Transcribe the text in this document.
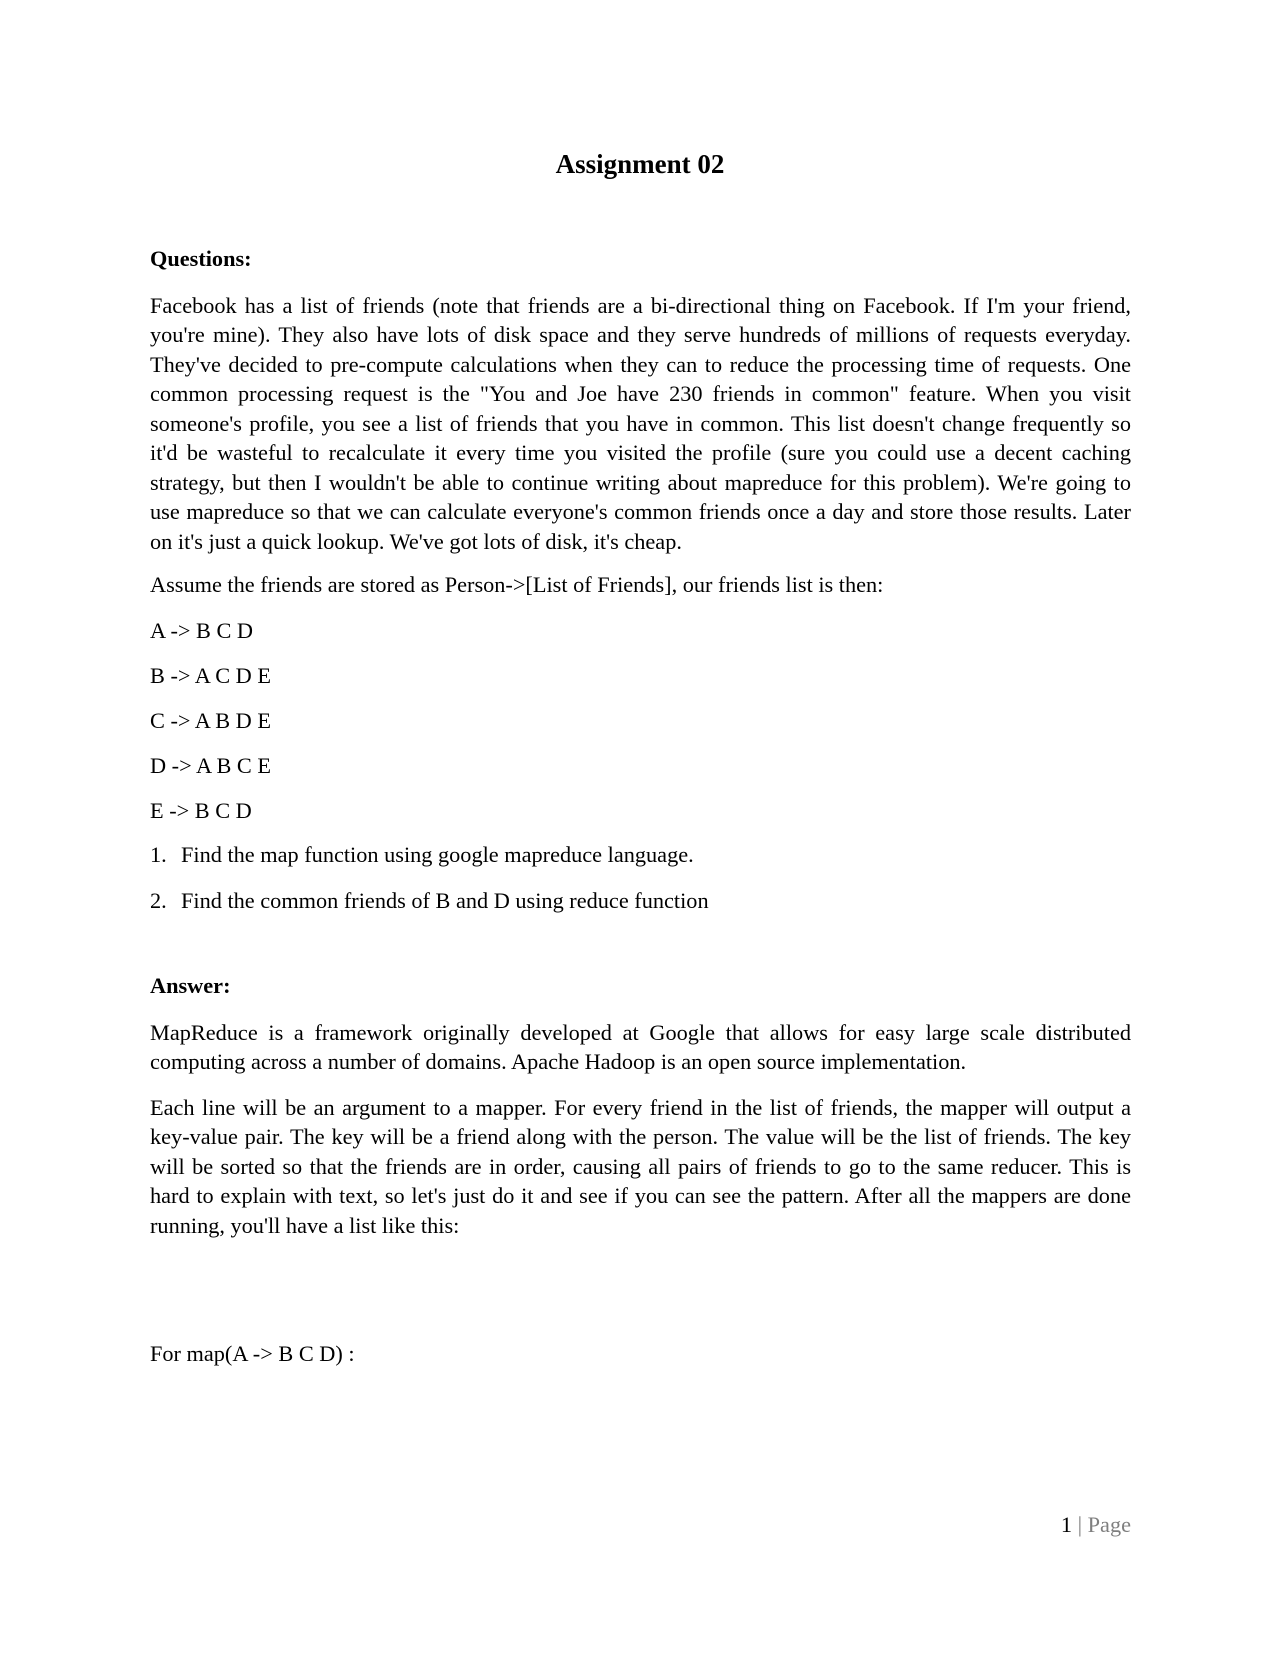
Assignment 02

Questions:

Facebook has a list of friends (note that friends are a bi-directional thing on Facebook. If I'm your friend, you're mine). They also have lots of disk space and they serve hundreds of millions of requests everyday. They've decided to pre-compute calculations when they can to reduce the processing time of requests. One common processing request is the "You and Joe have 230 friends in common" feature. When you visit someone's profile, you see a list of friends that you have in common. This list doesn't change frequently so it'd be wasteful to recalculate it every time you visited the profile (sure you could use a decent caching strategy, but then I wouldn't be able to continue writing about mapreduce for this problem). We're going to use mapreduce so that we can calculate everyone's common friends once a day and store those results. Later on it's just a quick lookup. We've got lots of disk, it's cheap.

Assume the friends are stored as Person->[List of Friends], our friends list is then:

A -> B C D

B -> A C D E

C -> A B D E

D -> A B C E

E -> B C D

1. Find the map function using google mapreduce language.
2. Find the common friends of B and D using reduce function

Answer:

MapReduce is a framework originally developed at Google that allows for easy large scale distributed computing across a number of domains. Apache Hadoop is an open source implementation.

Each line will be an argument to a mapper. For every friend in the list of friends, the mapper will output a key-value pair. The key will be a friend along with the person. The value will be the list of friends. The key will be sorted so that the friends are in order, causing all pairs of friends to go to the same reducer. This is hard to explain with text, so let's just do it and see if you can see the pattern. After all the mappers are done running, you'll have a list like this:

For map(A -> B C D) :

1 | Page
